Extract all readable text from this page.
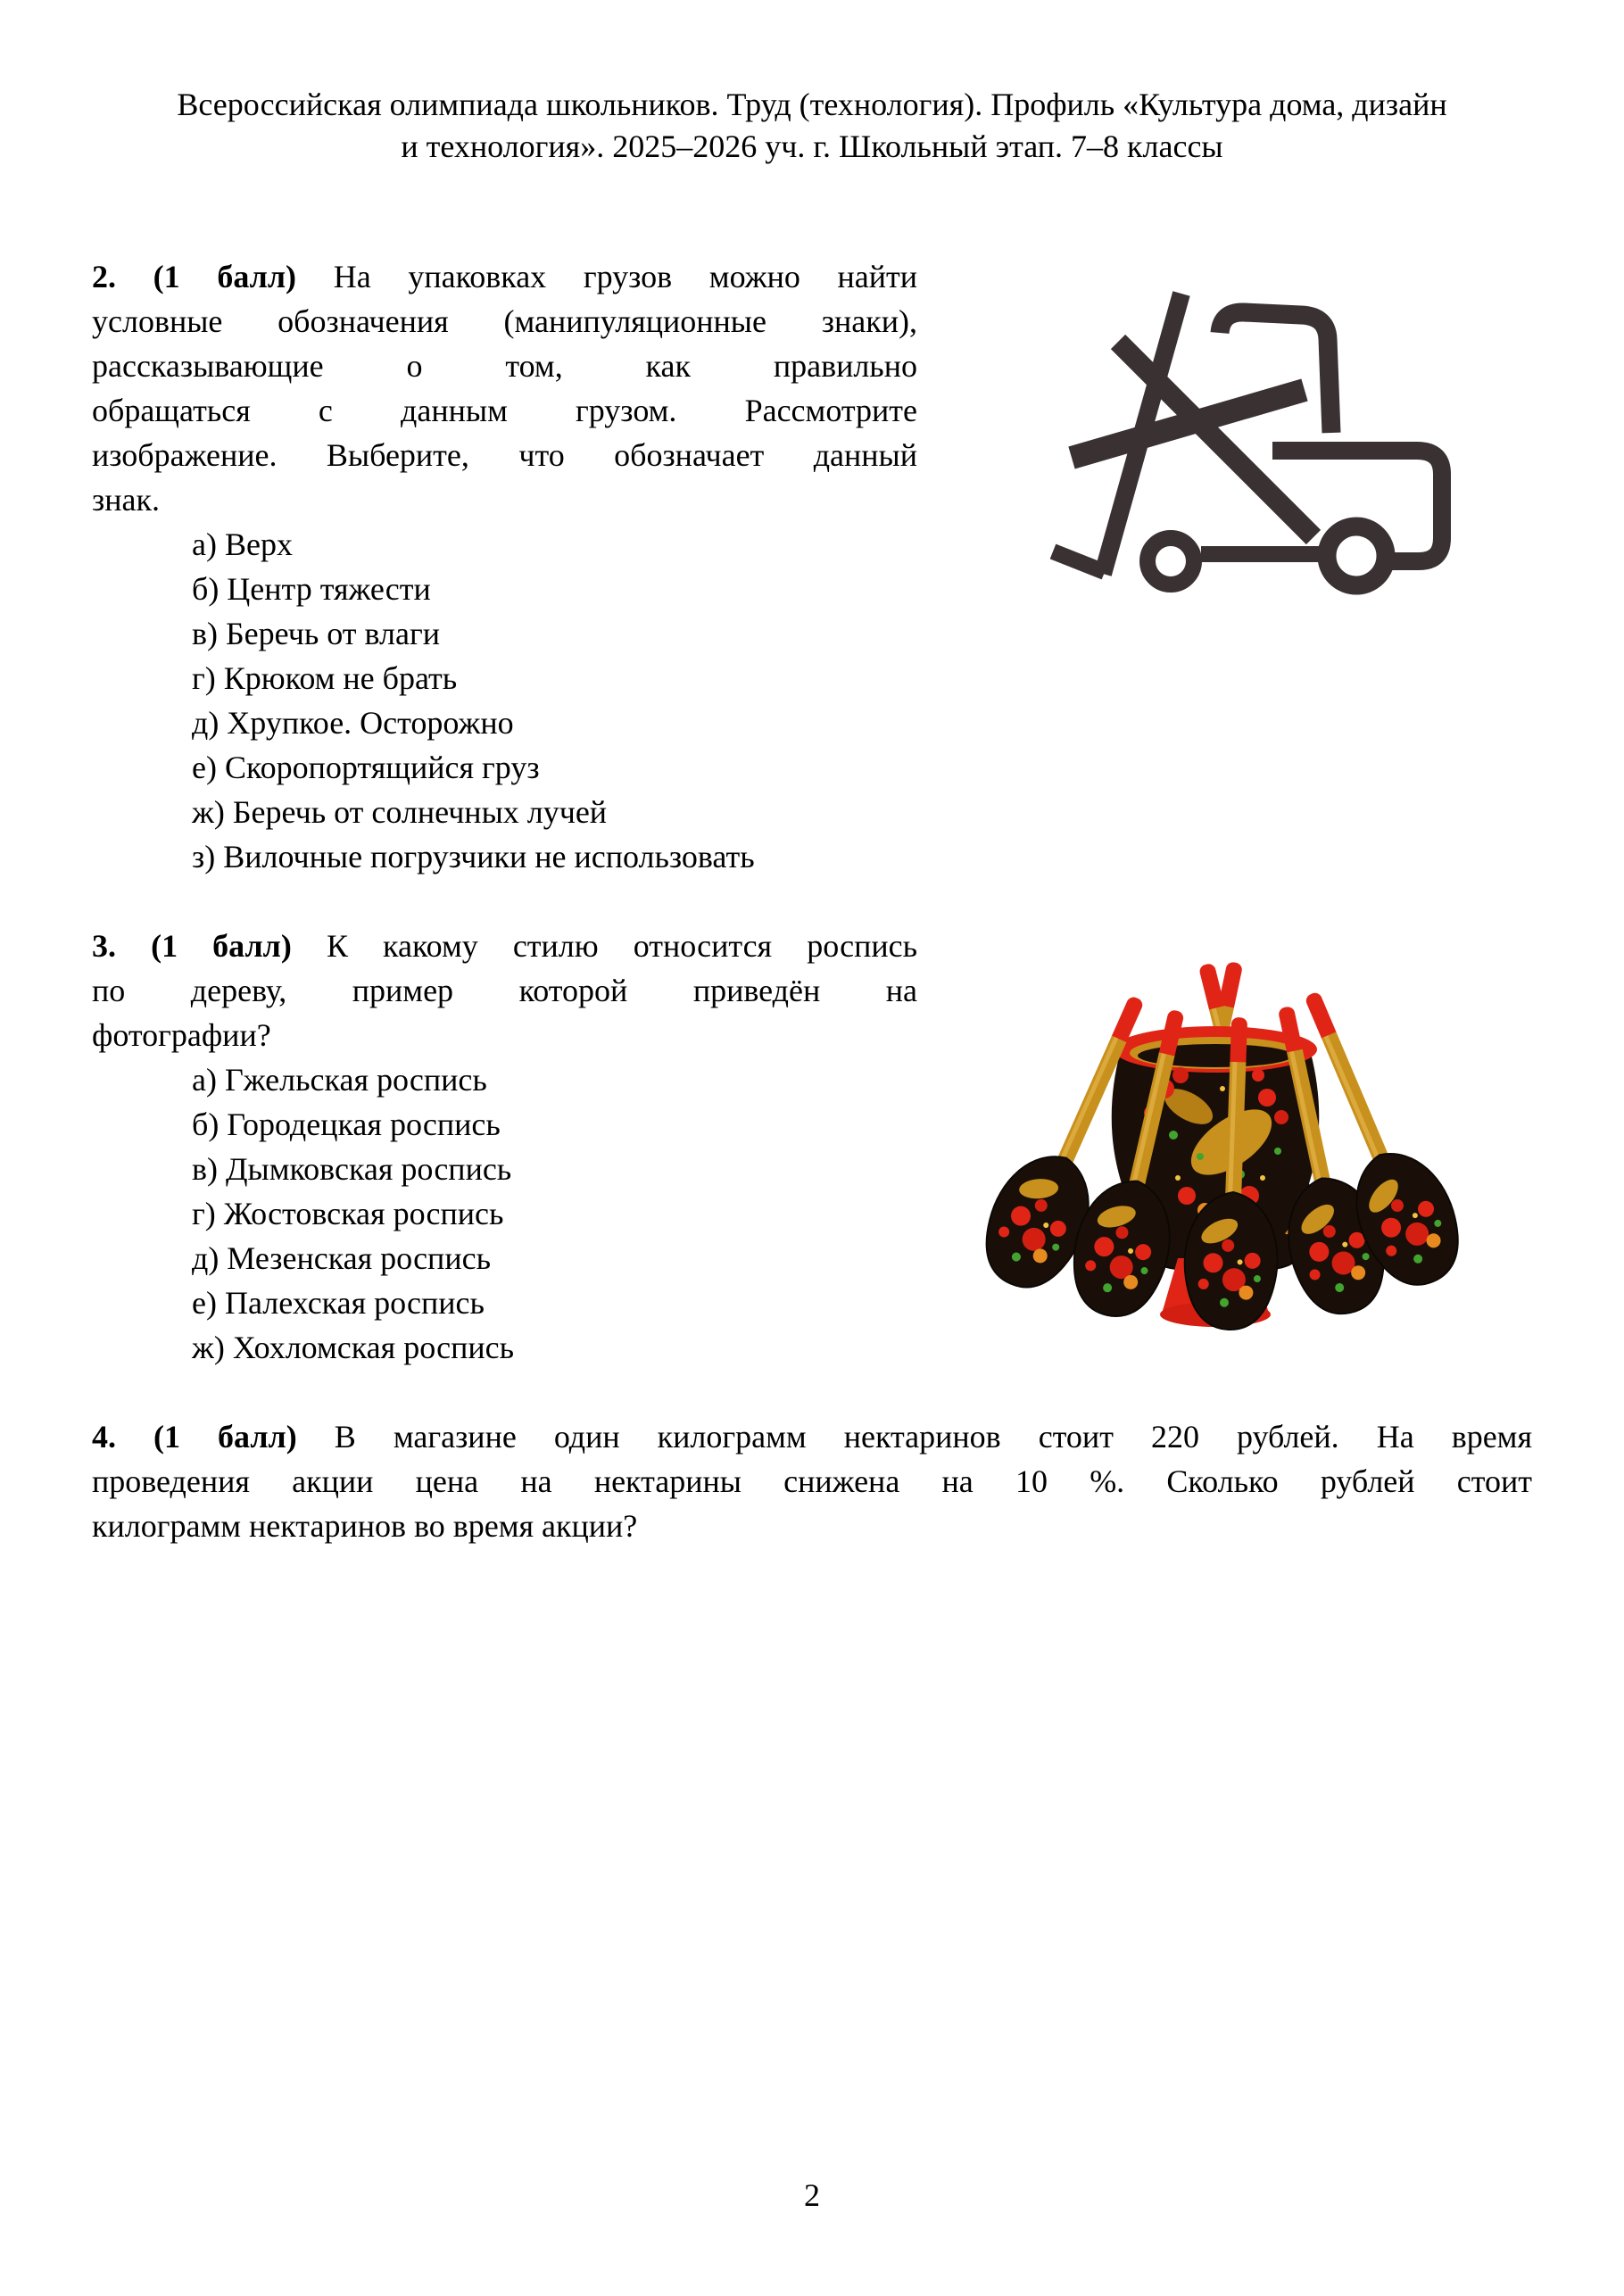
Всероссийская олимпиада школьников. Труд (технология). Профиль «Культура дома, дизайн
и технология». 2025–2026 уч. г. Школьный этап. 7–8 классы
2. (1 балл) На упаковках грузов можно найти
условные обозначения (манипуляционные знаки),
рассказывающие о том, как правильно
обращаться с данным грузом. Рассмотрите
изображение. Выберите, что обозначает данный
знак.
а) Верх
б) Центр тяжести
в) Беречь от влаги
г) Крюком не брать
д) Хрупкое. Осторожно
е) Скоропортящийся груз
ж) Беречь от солнечных лучей
з) Вилочные погрузчики не использовать
3. (1 балл) К какому стилю относится роспись
по дереву, пример которой приведён на
фотографии?
а) Гжельская роспись
б) Городецкая роспись
в) Дымковская роспись
г) Жостовская роспись
д) Мезенская роспись
е) Палехская роспись
ж) Хохломская роспись
4. (1 балл) В магазине один килограмм нектаринов стоит 220 рублей. На время
проведения акции цена на нектарины снижена на 10 %. Сколько рублей стоит
килограмм нектаринов во время акции?
2
